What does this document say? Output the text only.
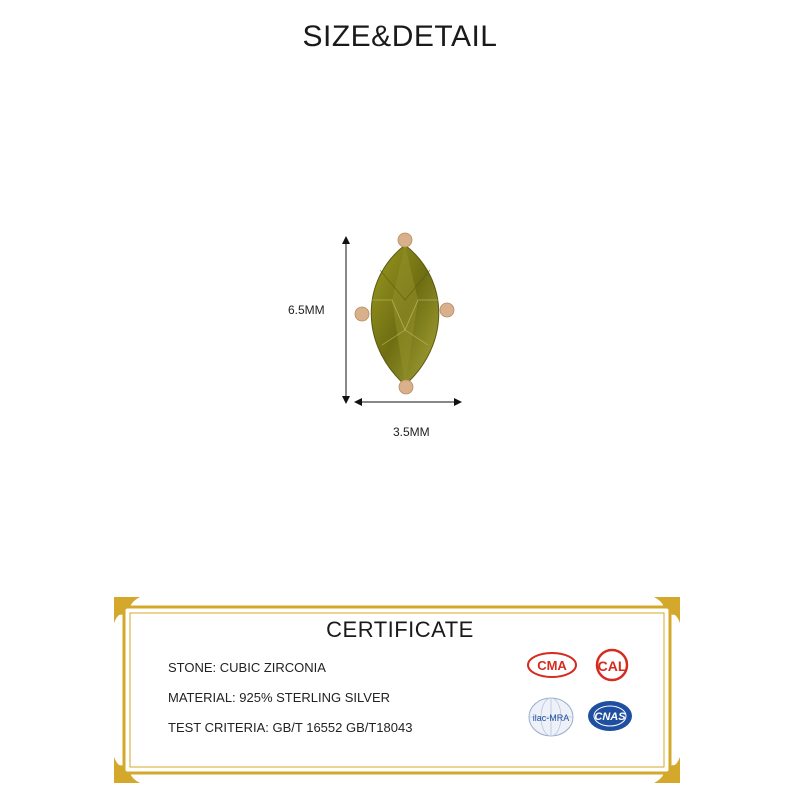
SIZE&DETAIL
6.5MM
3.5MM
CERTIFICATE
STONE: CUBIC ZIRCONIA
MATERIAL: 925% STERLING SILVER
TEST CRITERIA: GB/T 16552 GB/T18043
CMA CAL
ilac-MRA CNAS
